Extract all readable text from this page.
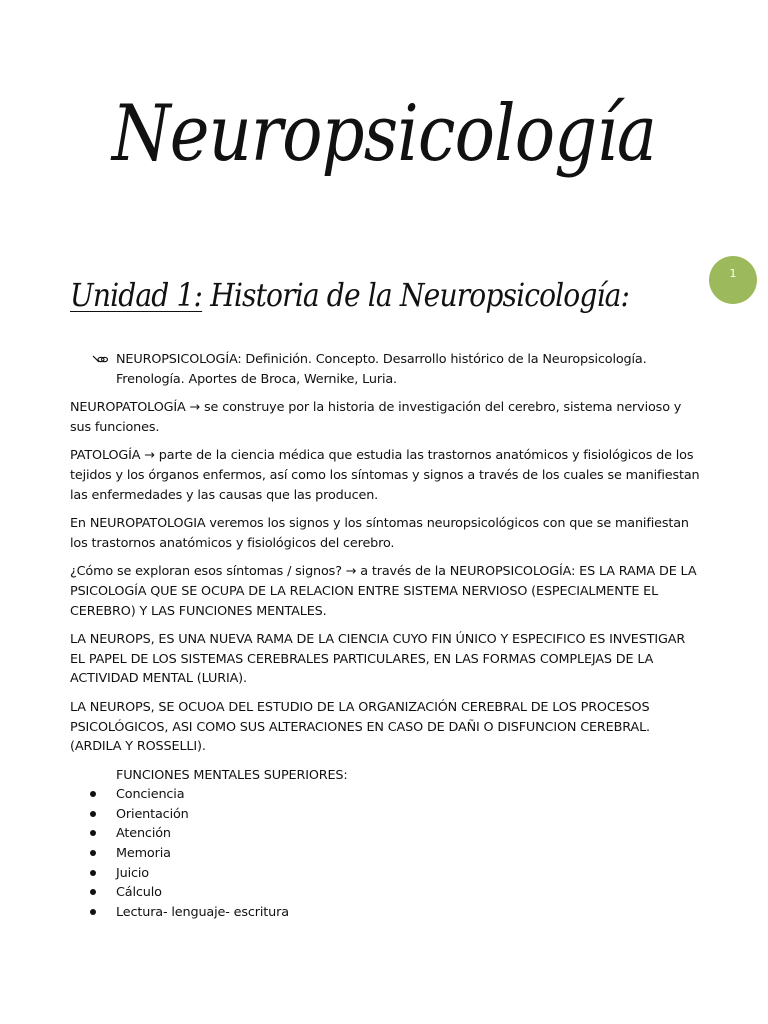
Neuropsicología
1
Unidad 1: Historia de la Neuropsicología:
NEUROPSICOLOGÍA: Definición. Concepto. Desarrollo histórico de la Neuropsicología. Frenología. Aportes de Broca, Wernike, Luria.

NEUROPATOLOGÍA → se construye por la historia de investigación del cerebro, sistema nervioso y sus funciones.

PATOLOGÍA → parte de la ciencia médica que estudia las trastornos anatómicos y fisiológicos de los tejidos y los órganos enfermos, así como los síntomas y signos a través de los cuales se manifiestan las enfermedades y las causas que las producen.

En NEUROPATOLOGIA veremos los signos y los síntomas neuropsicológicos con que se manifiestan los trastornos anatómicos y fisiológicos del cerebro.

¿Cómo se exploran esos síntomas / signos? → a través de la NEUROPSICOLOGÍA: ES LA RAMA DE LA PSICOLOGÍA QUE SE OCUPA DE LA RELACION ENTRE SISTEMA NERVIOSO (ESPECIALMENTE EL CEREBRO) Y LAS FUNCIONES MENTALES.

LA NEUROPS, ES UNA NUEVA RAMA DE LA CIENCIA CUYO FIN ÚNICO Y ESPECIFICO ES INVESTIGAR EL PAPEL DE LOS SISTEMAS CEREBRALES PARTICULARES, EN LAS FORMAS COMPLEJAS DE LA ACTIVIDAD MENTAL (LURIA).

LA NEUROPS, SE OCUOA DEL ESTUDIO DE LA ORGANIZACIÓN CEREBRAL DE LOS PROCESOS PSICOLÓGICOS, ASI COMO SUS ALTERACIONES EN CASO DE DAÑI O DISFUNCION CEREBRAL. (ARDILA Y ROSSELLI).

FUNCIONES MENTALES SUPERIORES:
Conciencia
Orientación
Atención
Memoria
Juicio
Cálculo
Lectura- lenguaje- escritura
